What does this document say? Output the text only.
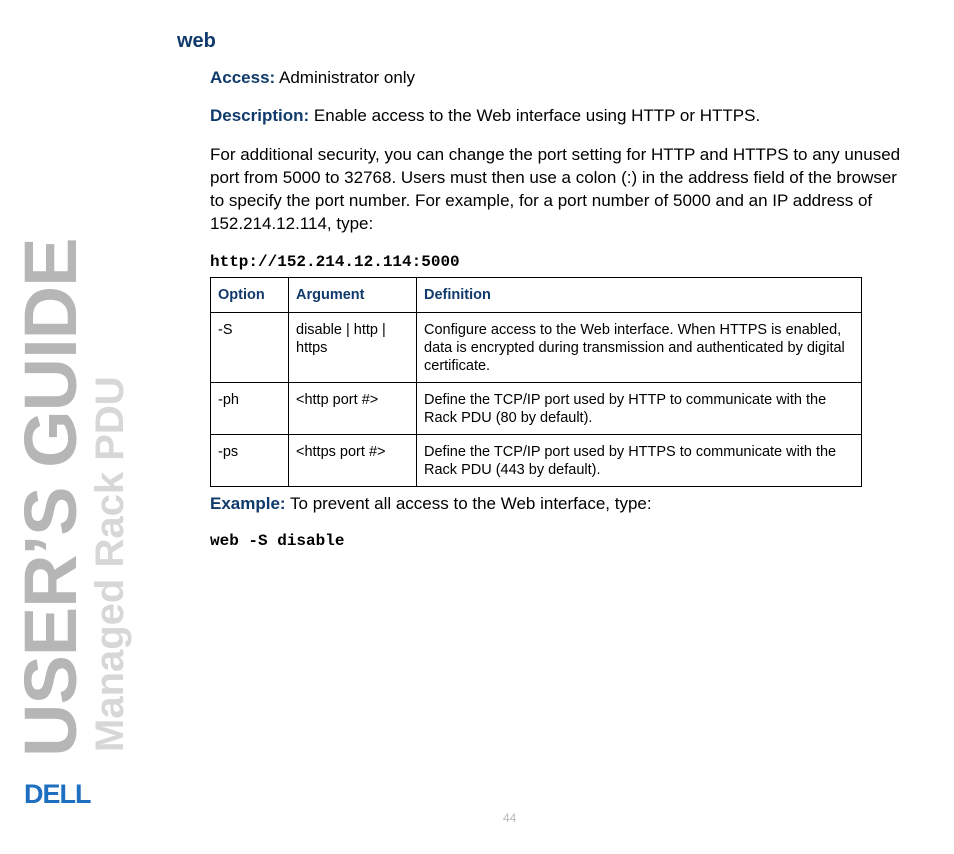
web
Access: Administrator only
Description: Enable access to the Web interface using HTTP or HTTPS.
For additional security, you can change the port setting for HTTP and HTTPS to any unused port from 5000 to 32768. Users must then use a colon (:) in the address field of the browser to specify the port number. For example, for a port number of 5000 and an IP address of 152.214.12.114, type:
http://152.214.12.114:5000
Option	Argument	Definition
-S	disable | http | https	Configure access to the Web interface. When HTTPS is enabled, data is encrypted during transmission and authenticated by digital certificate.
-ph	<http port #>	Define the TCP/IP port used by HTTP to communicate with the Rack PDU (80 by default).
-ps	<https port #>	Define the TCP/IP port used by HTTPS to communicate with the Rack PDU (443 by default).
Example: To prevent all access to the Web interface, type:
web -S disable
USER’S GUIDE
Managed Rack PDU
DELL
44
